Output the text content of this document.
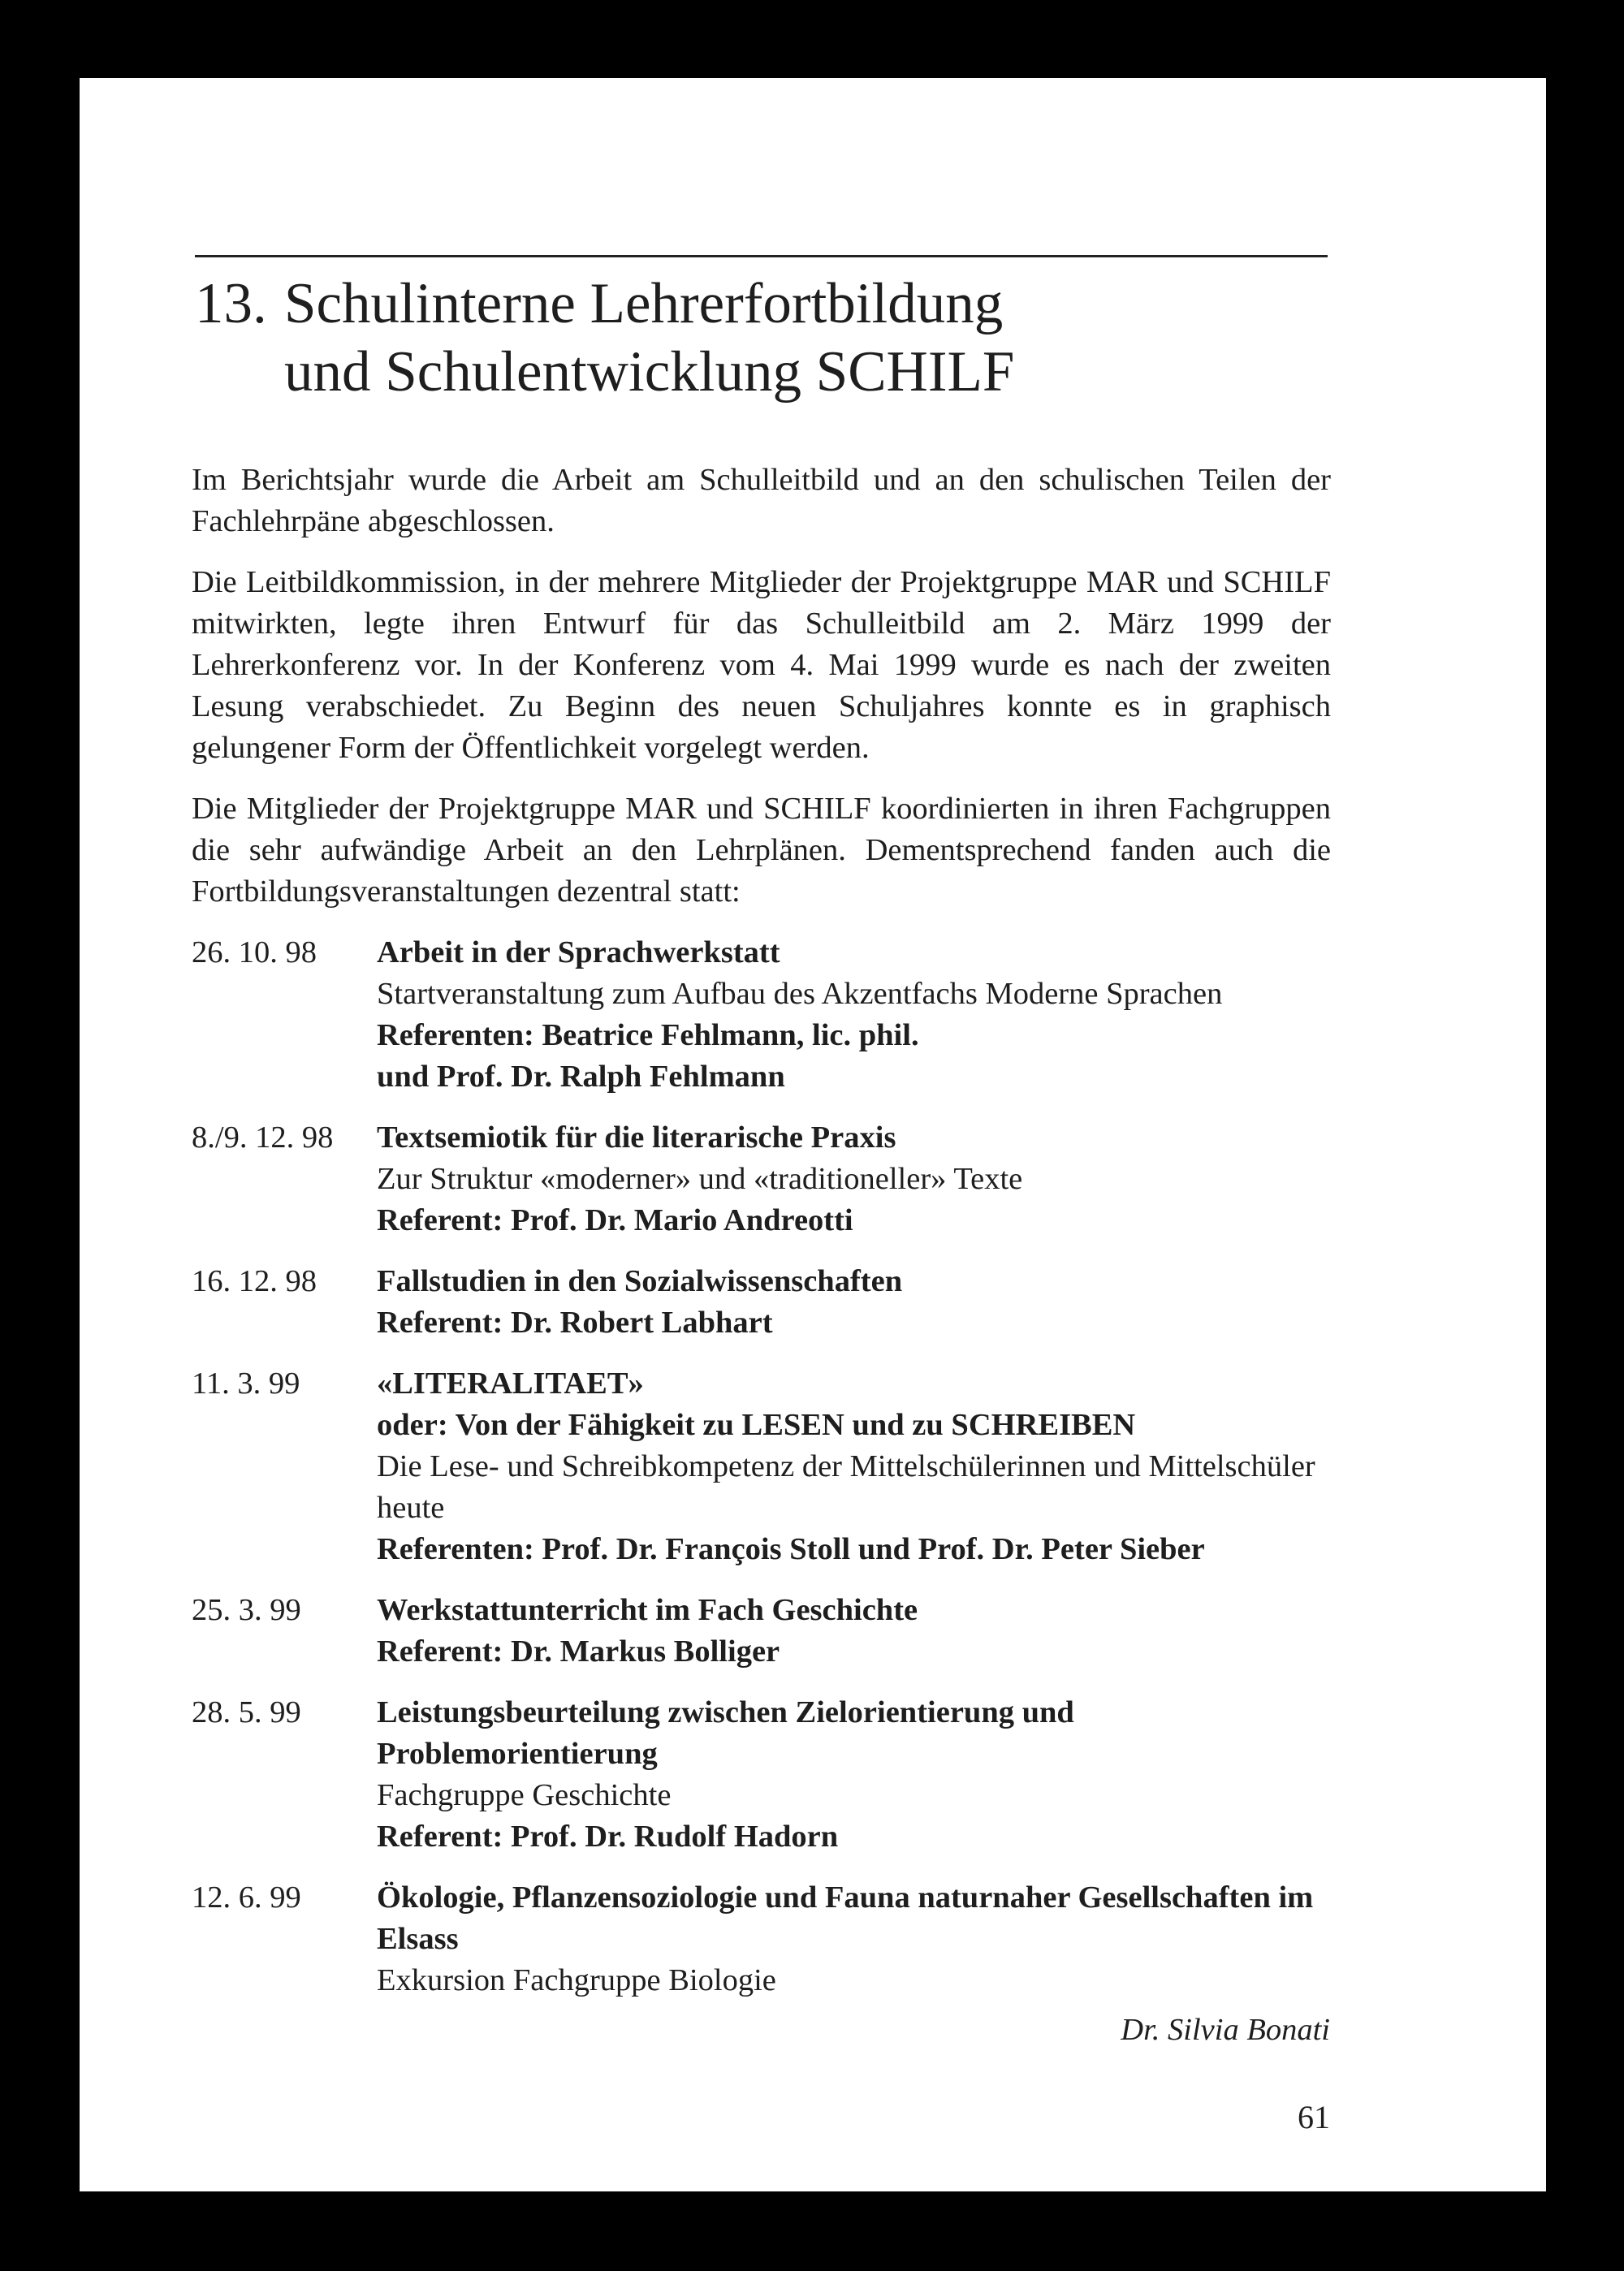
13. Schulinterne Lehrerfortbildung
und Schulentwicklung SCHILF

Im Berichtsjahr wurde die Arbeit am Schulleitbild und an den schulischen Teilen der Fachlehrpäne abgeschlossen.

Die Leitbildkommission, in der mehrere Mitglieder der Projektgruppe MAR und SCHILF mitwirkten, legte ihren Entwurf für das Schulleitbild am 2. März 1999 der Lehrerkonferenz vor. In der Konferenz vom 4. Mai 1999 wurde es nach der zweiten Lesung verabschiedet. Zu Beginn des neuen Schuljahres konnte es in graphisch gelungener Form der Öffentlichkeit vorgelegt werden.

Die Mitglieder der Projektgruppe MAR und SCHILF koordinierten in ihren Fachgruppen die sehr aufwändige Arbeit an den Lehrplänen. Dementsprechend fanden auch die Fortbildungsveranstaltungen dezentral statt:

26. 10. 98	Arbeit in der Sprachwerkstatt
Startveranstaltung zum Aufbau des Akzentfachs Moderne Sprachen
Referenten: Beatrice Fehlmann, lic. phil.
und Prof. Dr. Ralph Fehlmann
8./9. 12. 98	Textsemiotik für die literarische Praxis
Zur Struktur «moderner» und «traditioneller» Texte
Referent: Prof. Dr. Mario Andreotti
16. 12. 98	Fallstudien in den Sozialwissenschaften
Referent: Dr. Robert Labhart
11. 3. 99	«LITERALITAET»
oder: Von der Fähigkeit zu LESEN und zu SCHREIBEN
Die Lese- und Schreibkompetenz der Mittelschülerinnen und Mittelschüler heute
Referenten: Prof. Dr. François Stoll und Prof. Dr. Peter Sieber
25. 3. 99	Werkstattunterricht im Fach Geschichte
Referent: Dr. Markus Bolliger
28. 5. 99	Leistungsbeurteilung zwischen Zielorientierung und Problemorientierung
Fachgruppe Geschichte
Referent: Prof. Dr. Rudolf Hadorn
12. 6. 99	Ökologie, Pflanzensoziologie und Fauna naturnaher Gesellschaften im Elsass
Exkursion Fachgruppe Biologie
Dr. Silvia Bonati
61
